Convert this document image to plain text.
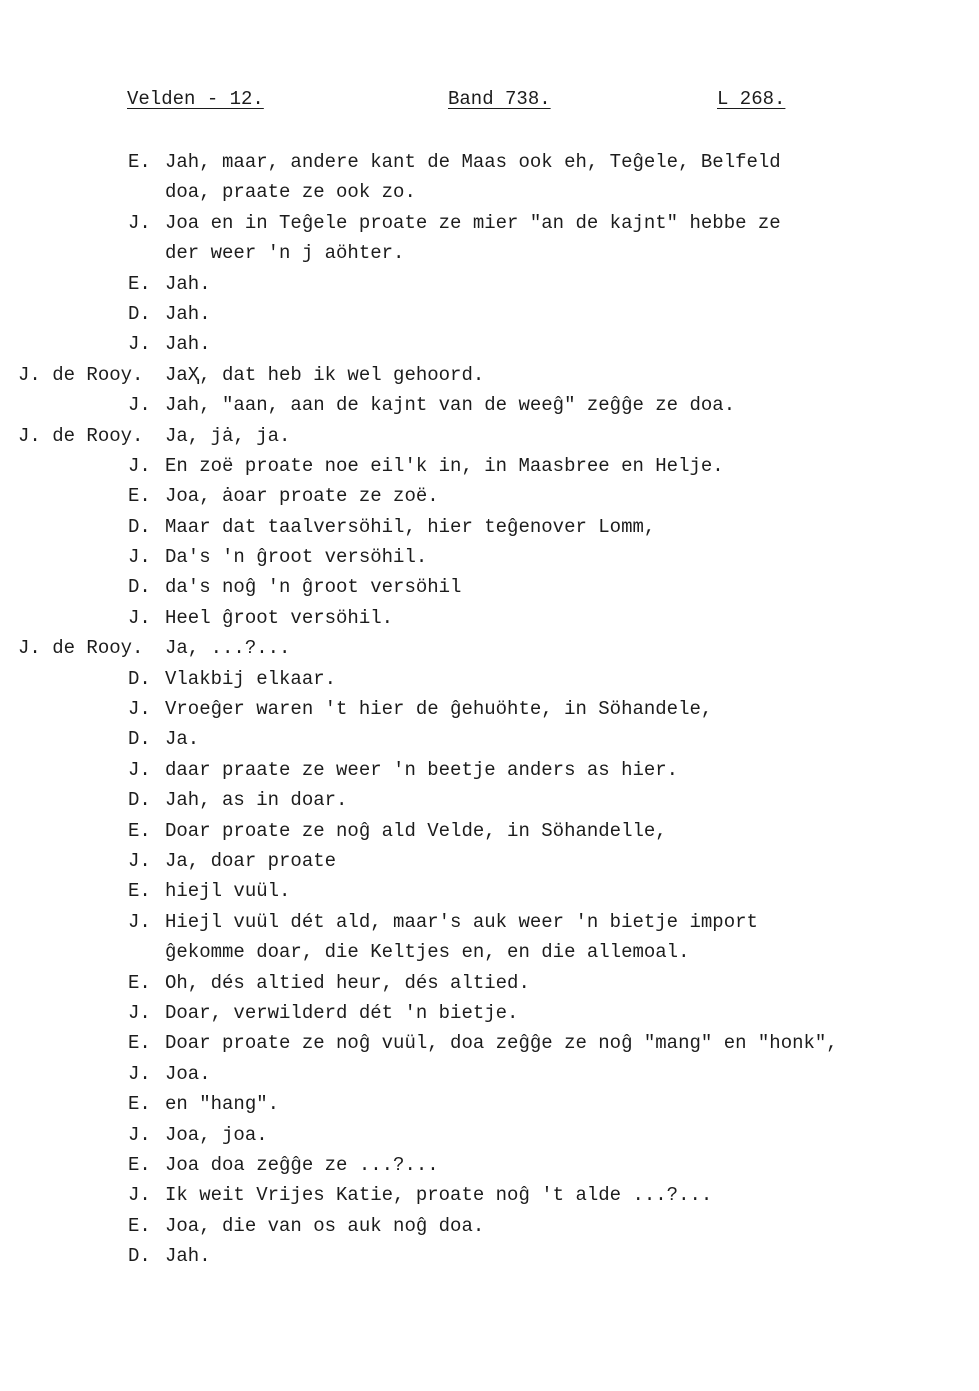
Velden - 12.	Band 738.	L 268.
E. Jah, maar, andere kant de Maas ook eh, Teĝele, Belfeld
doa, praate ze ook zo.
J. Joa en in Teĝele proate ze mier "an de kajnt" hebbe ze
der weer 'n j aӧhter.
E. Jah.
D. Jah.
J. Jah.
J. de Rooy. JaҲ, dat heb ik wel gehoord.
J. Jah, "aan, aan de kajnt van de weeĝ" zeĝĝe ze doa.
J. de Rooy. Ja, jȧ, ja.
J. En zoë proate noe eil'k in, in Maasbree en Helje.
E. Joa, ȧoar proate ze zoë.
D. Maar dat taalversӧhil, hier teĝenover Lomm,
J. Da's 'n ĝroot versӧhil.
D. da's noĝ 'n ĝroot versӧhil
J. Heel ĝroot versӧhil.
J. de Rooy. Ja, ...?...
D. Vlakbij elkaar.
J. Vroeĝer waren 't hier de ĝehuӧhte, in Sӧhandele,
D. Ja.
J. daar praate ze weer 'n beetje anders as hier.
D. Jah, as in doar.
E. Doar proate ze noĝ ald Velde, in Sӧhandelle,
J. Ja, doar proate
E. hiejl vuül.
J. Hiejl vuül dét ald, maar's auk weer 'n bietje import
ĝekomme doar, die Keltjes en, en die allemoal.
E. Oh, dés altied heur, dés altied.
J. Doar, verwilderd dét 'n bietje.
E. Doar proate ze noĝ vuül, doa zeĝĝe ze noĝ "mang" en "honk",
J. Joa.
E. en "hang".
J. Joa, joa.
E. Joa doa zeĝĝe ze ...?...
J. Ik weit Vrijes Katie, proate noĝ 't alde ...?...
E. Joa, die van os auk noĝ doa.
D. Jah.
